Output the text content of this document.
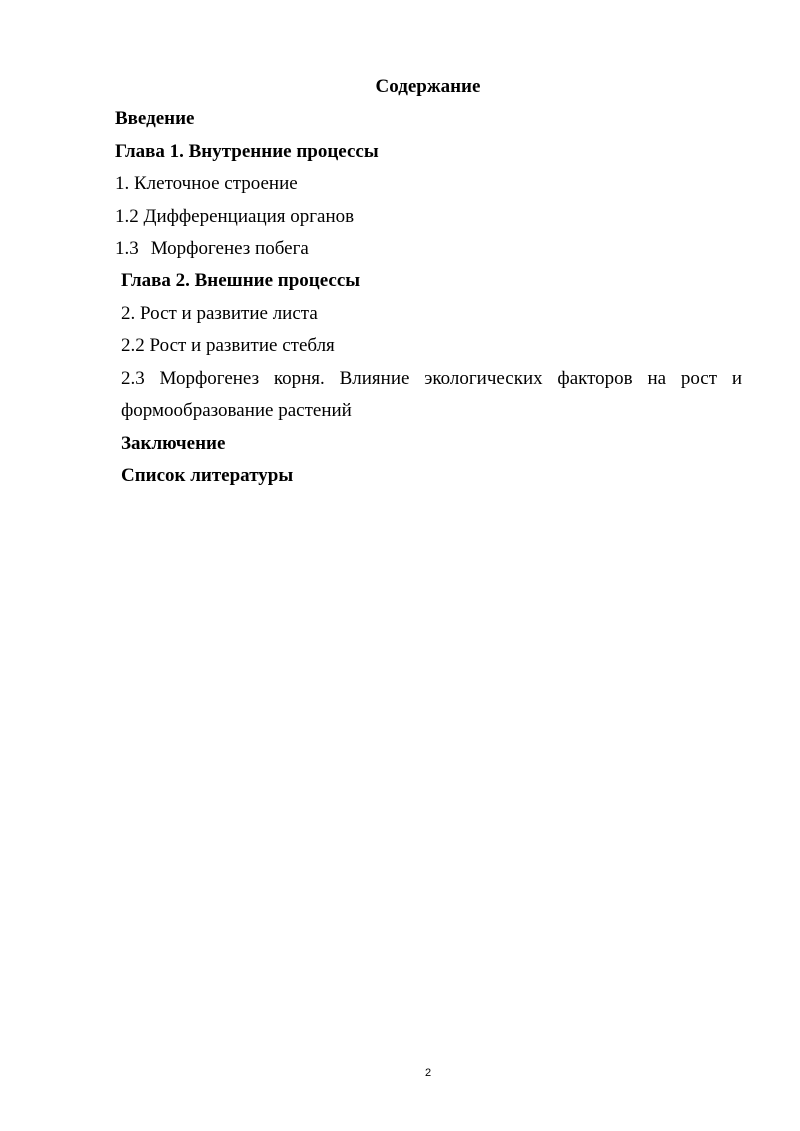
Содержание

Введение

Глава 1. Внутренние процессы

1. Клеточное строение

1.2 Дифференциация органов

1.3 Морфогенез побега

Глава 2. Внешние процессы

2. Рост и развитие листа

2.2 Рост и развитие стебля

2.3 Морфогенез корня. Влияние экологических факторов на рост и

формообразование растений

Заключение

Список литературы

2
